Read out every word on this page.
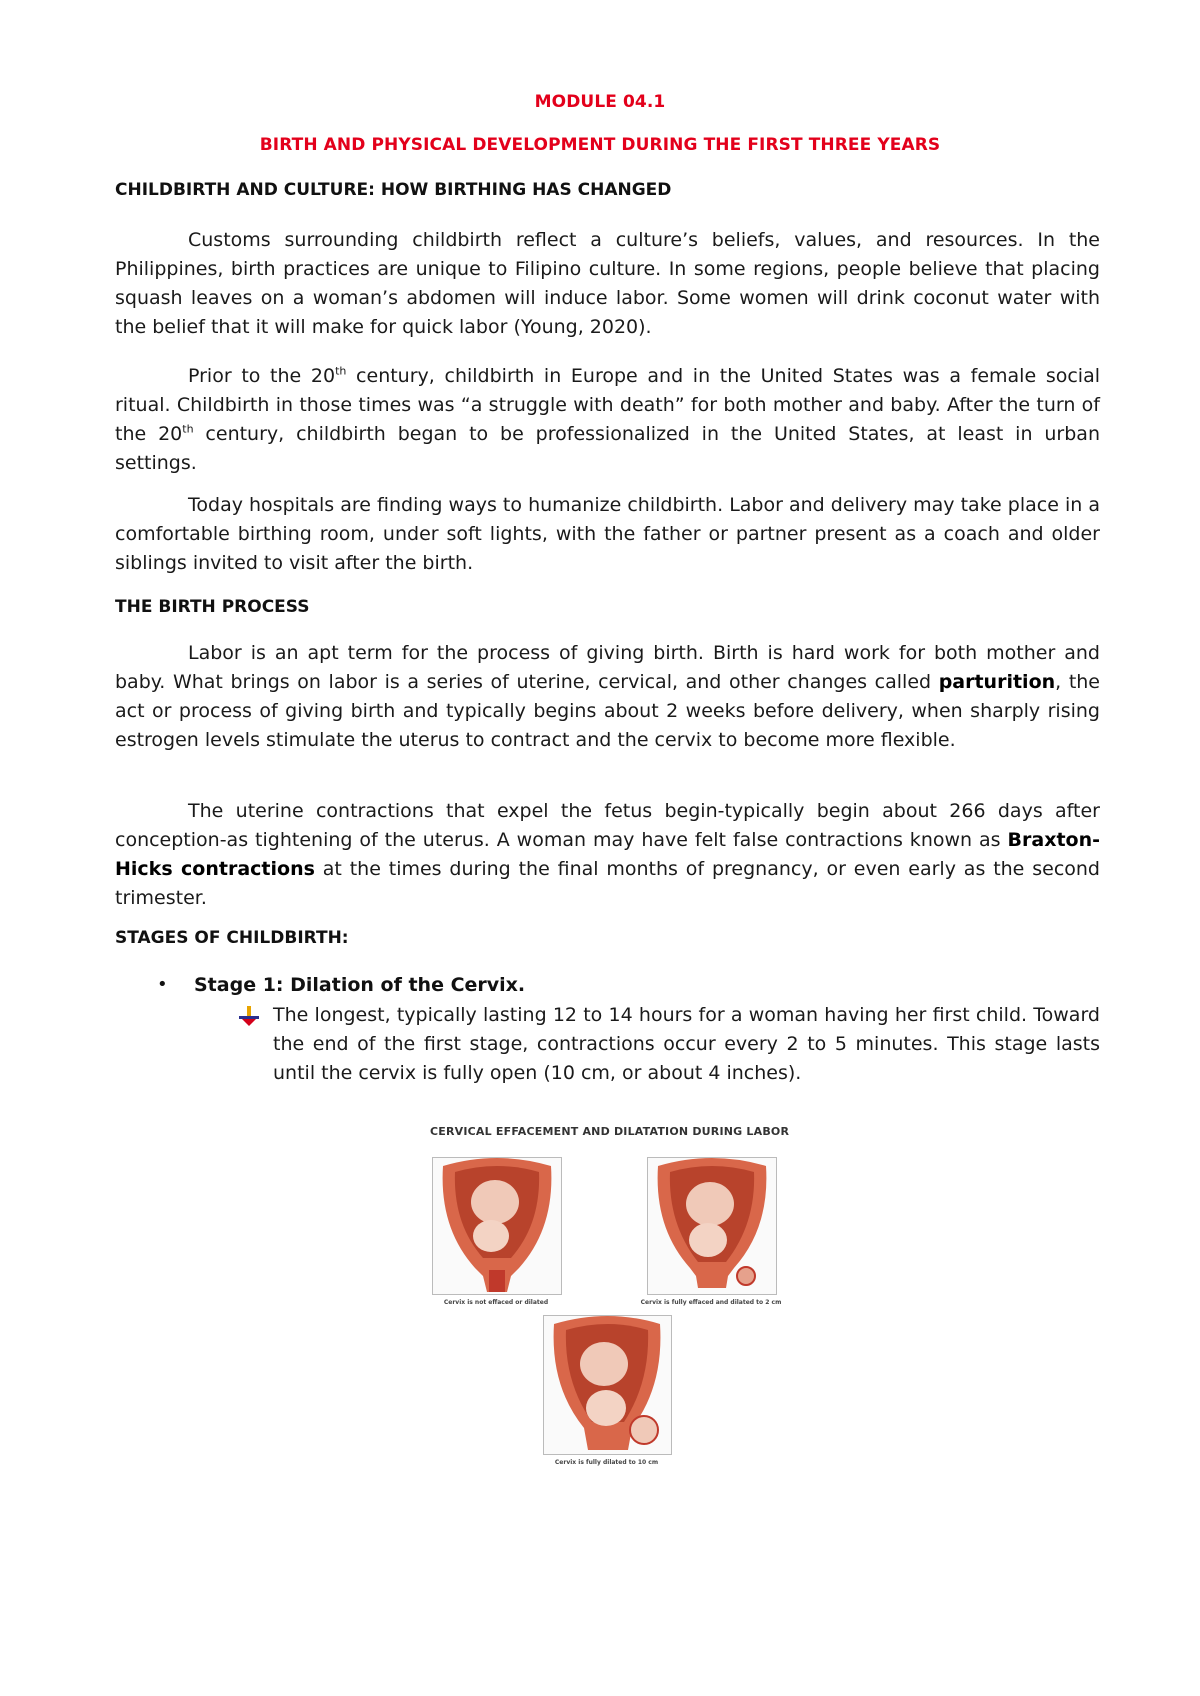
MODULE 04.1
BIRTH AND PHYSICAL DEVELOPMENT DURING THE FIRST THREE YEARS
CHILDBIRTH AND CULTURE: HOW BIRTHING HAS CHANGED

Customs surrounding childbirth reflect a culture’s beliefs, values, and resources. In the Philippines, birth practices are unique to Filipino culture. In some regions, people believe that placing squash leaves on a woman’s abdomen will induce labor. Some women will drink coconut water with the belief that it will make for quick labor (Young, 2020).

Prior to the 20th century, childbirth in Europe and in the United States was a female social ritual. Childbirth in those times was “a struggle with death” for both mother and baby. After the turn of the 20th century, childbirth began to be professionalized in the United States, at least in urban settings.

Today hospitals are finding ways to humanize childbirth. Labor and delivery may take place in a comfortable birthing room, under soft lights, with the father or partner present as a coach and older siblings invited to visit after the birth.

THE BIRTH PROCESS

Labor is an apt term for the process of giving birth. Birth is hard work for both mother and baby. What brings on labor is a series of uterine, cervical, and other changes called parturition, the act or process of giving birth and typically begins about 2 weeks before delivery, when sharply rising estrogen levels stimulate the uterus to contract and the cervix to become more flexible.

The uterine contractions that expel the fetus begin-typically begin about 266 days after conception-as tightening of the uterus. A woman may have felt false contractions known as Braxton-Hicks contractions at the times during the final months of pregnancy, or even early as the second trimester.

STAGES OF CHILDBIRTH:
• Stage 1: Dilation of the Cervix.

The longest, typically lasting 12 to 14 hours for a woman having her first child. Toward the end of the first stage, contractions occur every 2 to 5 minutes. This stage lasts until the cervix is fully open (10 cm, or about 4 inches).

CERVICAL EFFACEMENT AND DILATATION DURING LABOR
Cervix is not effaced or dilated	Cervix is fully effaced and dilated to 2 cm
Cervix is fully dilated to 10 cm
